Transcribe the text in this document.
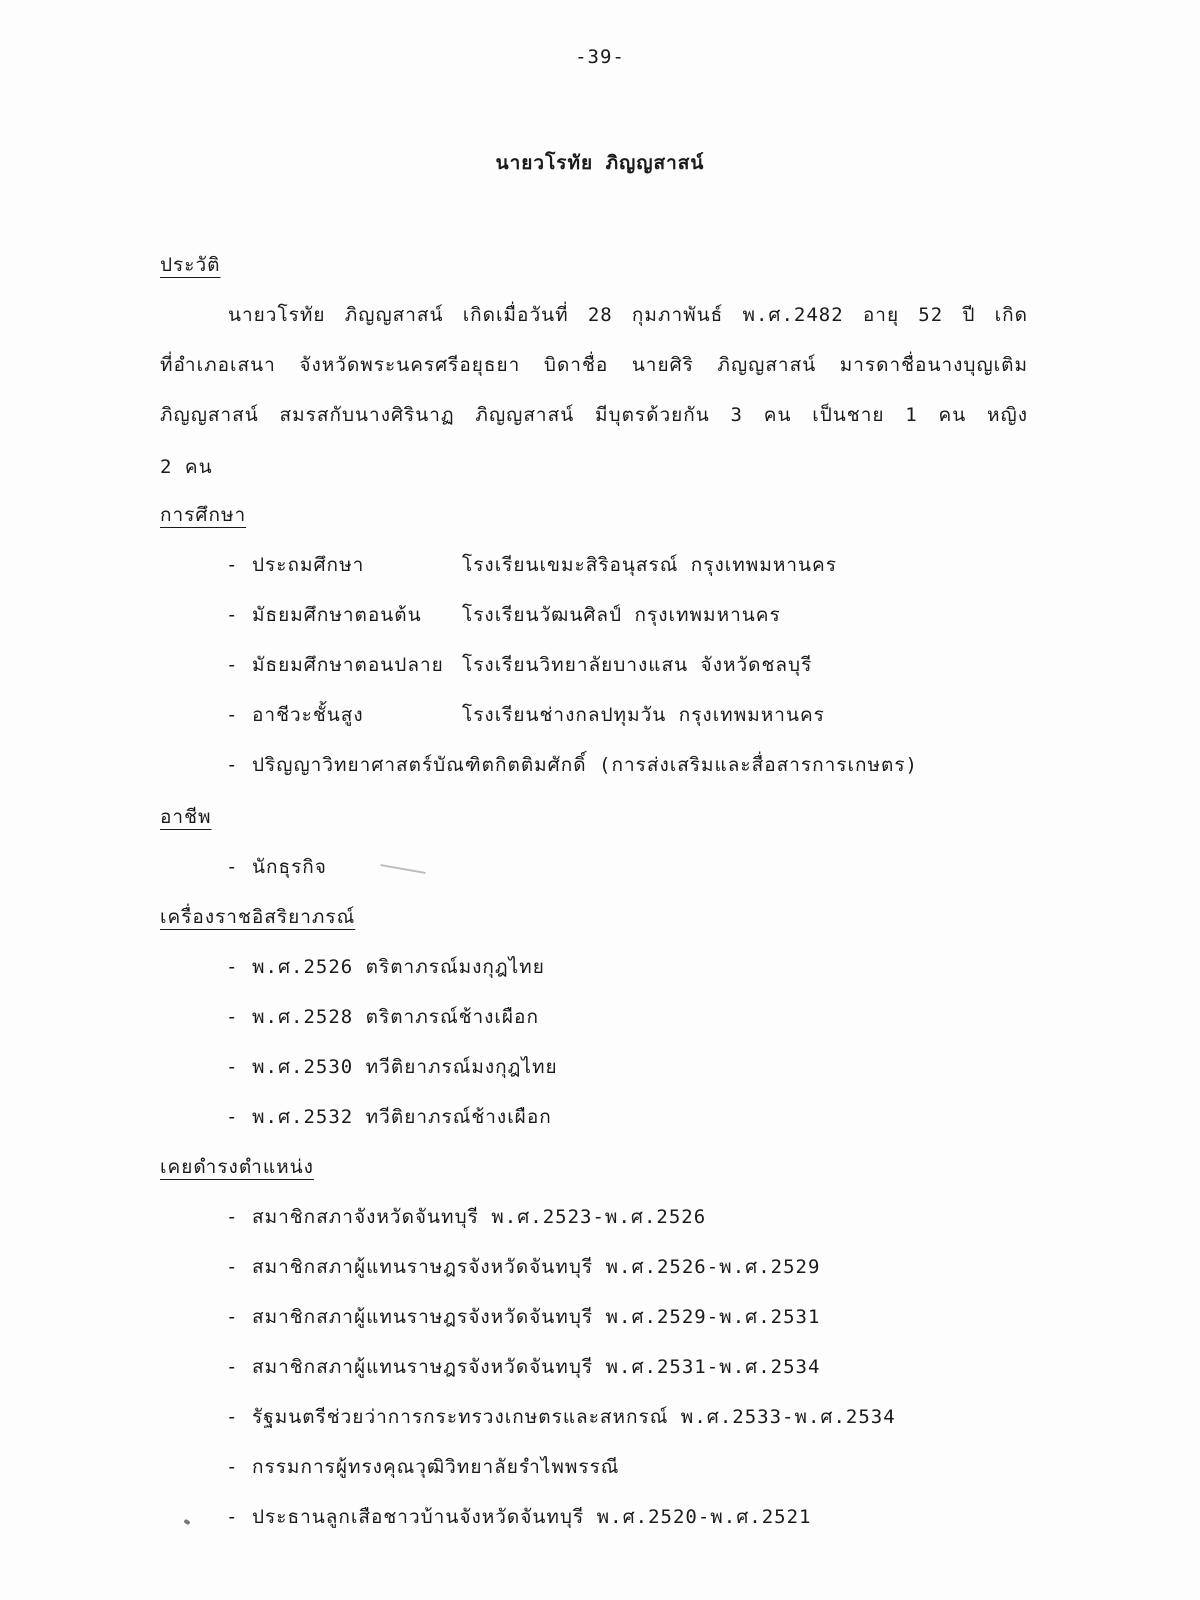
-39-
นายวโรทัย ภิญญสาสน์
ประวัติ
นายวโรทัย ภิญญสาสน์ เกิดเมื่อวันที่ 28 กุมภาพันธ์ พ.ศ.2482 อายุ 52 ปี เกิด
ที่อำเภอเสนา จังหวัดพระนครศรีอยุธยา บิดาชื่อ นายศิริ ภิญญสาสน์ มารดาชื่อนางบุญเติม
ภิญญสาสน์ สมรสกับนางศิรินาฏ ภิญญสาสน์ มีบุตรด้วยกัน 3 คน เป็นชาย 1 คน หญิง
2 คน
การศึกษา
- ประถมศึกษา	โรงเรียนเขมะสิริอนุสรณ์ กรุงเทพมหานคร
- มัธยมศึกษาตอนต้น โรงเรียนวัฒนศิลป์ กรุงเทพมหานคร
- มัธยมศึกษาตอนปลาย โรงเรียนวิทยาลัยบางแสน จังหวัดชลบุรี
- อาชีวะชั้นสูง	โรงเรียนช่างกลปทุมวัน กรุงเทพมหานคร
- ปริญญาวิทยาศาสตร์บัณฑิตกิตติมศักดิ์ (การส่งเสริมและสื่อสารการเกษตร)
อาชีพ
- นักธุรกิจ
เครื่องราชอิสริยาภรณ์
- พ.ศ.2526 ตริตาภรณ์มงกุฎไทย
- พ.ศ.2528 ตริตาภรณ์ช้างเผือก
- พ.ศ.2530 ทวีติยาภรณ์มงกุฎไทย
- พ.ศ.2532 ทวีติยาภรณ์ช้างเผือก
เคยดำรงตำแหน่ง
- สมาชิกสภาจังหวัดจันทบุรี พ.ศ.2523-พ.ศ.2526
- สมาชิกสภาผู้แทนราษฎรจังหวัดจันทบุรี พ.ศ.2526-พ.ศ.2529
- สมาชิกสภาผู้แทนราษฎรจังหวัดจันทบุรี พ.ศ.2529-พ.ศ.2531
- สมาชิกสภาผู้แทนราษฎรจังหวัดจันทบุรี พ.ศ.2531-พ.ศ.2534
- รัฐมนตรีช่วยว่าการกระทรวงเกษตรและสหกรณ์ พ.ศ.2533-พ.ศ.2534
- กรรมการผู้ทรงคุณวุฒิวิทยาลัยรำไพพรรณี
- ประธานลูกเสือชาวบ้านจังหวัดจันทบุรี พ.ศ.2520-พ.ศ.2521
